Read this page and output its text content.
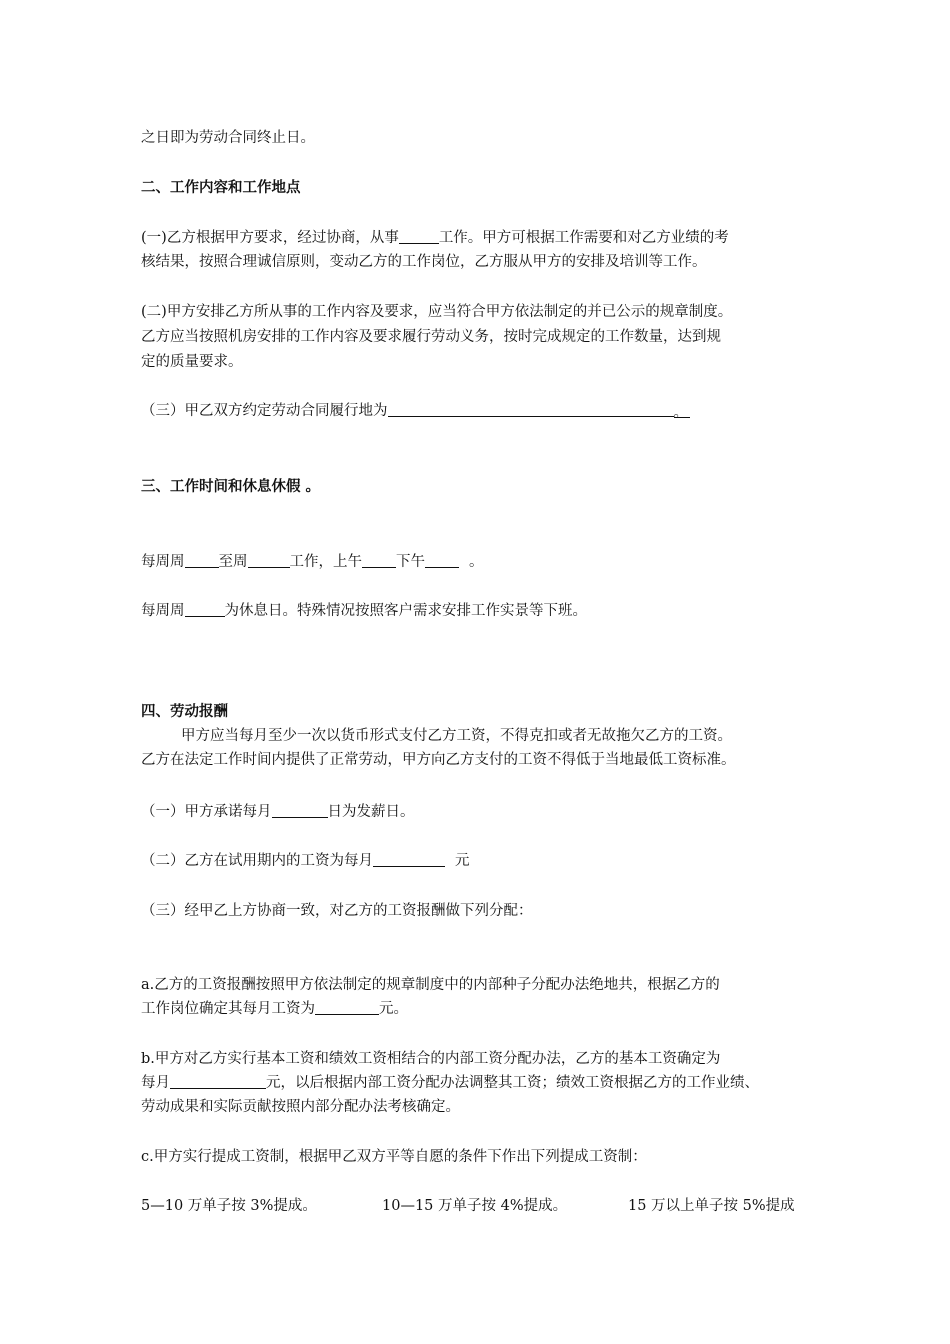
之日即为劳动合同终止日。
二、工作内容和工作地点
(一)乙方根据甲方要求，经过协商，从事	工作。甲方可根据工作需要和对乙方业绩的考
核结果，按照合理诚信原则，变动乙方的工作岗位，乙方服从甲方的安排及培训等工作。
(二)甲方安排乙方所从事的工作内容及要求，应当符合甲方依法制定的并已公示的规章制度。
乙方应当按照机房安排的工作内容及要求履行劳动义务，按时完成规定的工作数量，达到规
定的质量要求。
（三）甲乙双方约定劳动合同履行地为	。
三、工作时间和休息休假 。
每周周 至周	工作，上午 下午	。
每周周	为休息日。特殊情况按照客户需求安排工作实景等下班。
四、劳动报酬
甲方应当每月至少一次以货币形式支付乙方工资，不得克扣或者无故拖欠乙方的工资。
乙方在法定工作时间内提供了正常劳动，甲方向乙方支付的工资不得低于当地最低工资标准。
（一）甲方承诺每月	日为发薪日。
（二）乙方在试用期内的工资为每月	元
（三）经甲乙上方协商一致，对乙方的工资报酬做下列分配：
a.乙方的工资报酬按照甲方依法制定的规章制度中的内部种子分配办法绝地共，根据乙方的
工作岗位确定其每月工资为	元。
b.甲方对乙方实行基本工资和绩效工资相结合的内部工资分配办法，乙方的基本工资确定为
每月	元，以后根据内部工资分配办法调整其工资；绩效工资根据乙方的工作业绩、
劳动成果和实际贡献按照内部分配办法考核确定。
c.甲方实行提成工资制，根据甲乙双方平等自愿的条件下作出下列提成工资制：
5—10 万单子按 3%提成。	10—15 万单子按 4%提成。	15 万以上单子按 5%提成
